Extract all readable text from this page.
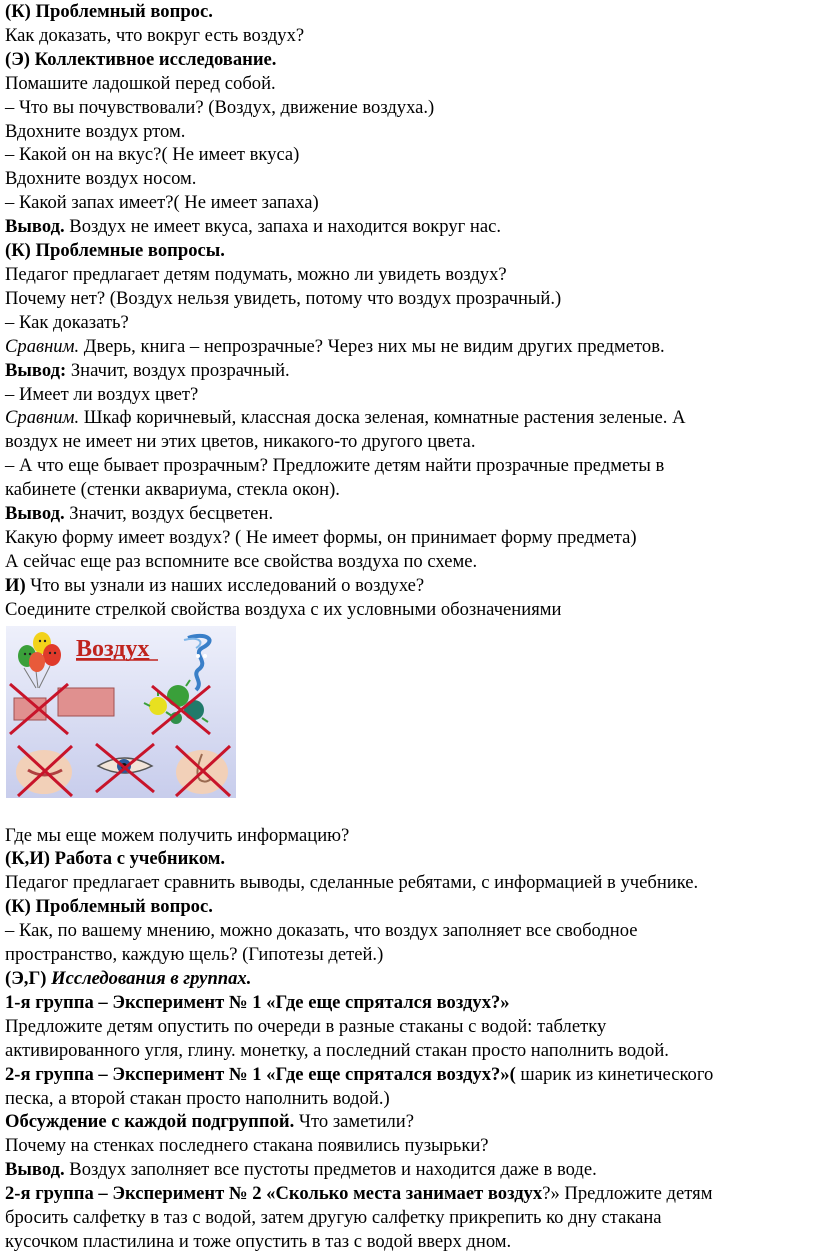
(К) Проблемный вопрос.

Как доказать, что вокруг есть воздух?

(Э) Коллективное исследование.

Помашите ладошкой перед собой.

– Что вы почувствовали? (Воздух, движение воздуха.)

Вдохните воздух ртом.

– Какой он на вкус?( Не имеет вкуса)

Вдохните воздух носом.

– Какой запах имеет?( Не имеет запаха)

Вывод. Воздух не имеет вкуса, запаха и находится вокруг нас.

(К) Проблемные вопросы.

Педагог предлагает детям подумать, можно ли увидеть воздух?

Почему нет? (Воздух нельзя увидеть, потому что воздух прозрачный.)

– Как доказать?

Сравним. Дверь, книга – непрозрачные? Через них мы не видим других предметов.

Вывод: Значит, воздух прозрачный.

– Имеет ли воздух цвет?

Сравним. Шкаф коричневый, классная доска зеленая, комнатные растения зеленые. А

воздух не имеет ни этих цветов, никакого-то другого цвета.

– А что еще бывает прозрачным? Предложите детям найти прозрачные предметы в

кабинете (стенки аквариума, стекла окон).

Вывод. Значит, воздух бесцветен.

Какую форму имеет воздух? ( Не имеет формы, он принимает форму предмета)

А сейчас еще раз вспомните все свойства воздуха по схеме.

И) Что вы узнали из наших исследований о воздухе?

Соедините стрелкой свойства воздуха с их условными обозначениями

Воздух

Где мы еще можем получить информацию?

(К,И) Работа с учебником.

Педагог предлагает сравнить выводы, сделанные ребятами, с информацией в учебнике.

(К) Проблемный вопрос.

– Как, по вашему мнению, можно доказать, что воздух заполняет все свободное

пространство, каждую щель? (Гипотезы детей.)

(Э,Г) Исследования в группах.

1-я группа – Эксперимент № 1 «Где еще спрятался воздух?»

Предложите детям опустить по очереди в разные стаканы с водой: таблетку

активированного угля, глину. монетку, а последний стакан просто наполнить водой.

2-я группа – Эксперимент № 1 «Где еще спрятался воздух?»( шарик из кинетического

песка, а второй стакан просто наполнить водой.)

Обсуждение с каждой подгруппой. Что заметили?

Почему на стенках последнего стакана появились пузырьки?

Вывод. Воздух заполняет все пустоты предметов и находится даже в воде.

2-я группа – Эксперимент № 2 «Сколько места занимает воздух?» Предложите детям

бросить салфетку в таз с водой, затем другую салфетку прикрепить ко дну стакана

кусочком пластилина и тоже опустить в таз с водой вверх дном.
